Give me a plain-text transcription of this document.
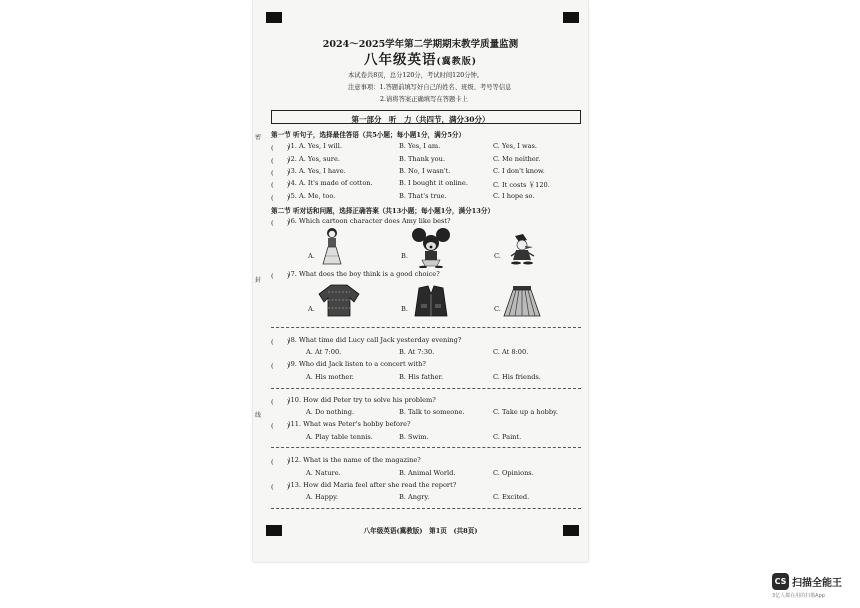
密
封
线
2024～2025学年第二学期期末教学质量监测
八年级英语(冀教版)
本试卷共8页，总分120分，考试时间120分钟。
注意事项：1.答题前填写好自己的姓名、班级、考号等信息
2.请将答案正确填写在答题卡上
第一部分　听　力（共四节，满分30分）
第一节 听句子，选择最佳答语（共5小题；每小题1分，满分5分）
(　　)
)1. A. Yes, I will.	B. Yes, I am.	C. Yes, I was.
(　　)
)2. A. Yes, sure.	B. Thank you.	C. Me neither.
(　　)
)3. A. Yes, I have.	B. No, I wasn't.	C. I don't know.
(　　)
)4. A. It's made of cotton.	B. I bought it online.	C. It costs ￥120.
(　　)
)5. A. Me, too.	B. That's true.	C. I hope so.
第二节 听对话和问题，选择正确答案（共13小题；每小题1分，满分13分）
(　　)
)6. Which cartoon character does Amy like best?
A.	B.	C.
(　　)
)7. What does the boy think is a good choice?
A.	B.	C.
(　　)
)8. What time did Lucy call Jack yesterday evening?
A. At 7:00.	B. At 7:30.	C. At 8:00.
(　　)
)9. Who did Jack listen to a concert with?
A. His mother.	B. His father.	C. His friends.
(　　)
)10. How did Peter try to solve his problem?
A. Do nothing.	B. Talk to someone.	C. Take up a hobby.
(　　)
)11. What was Peter's hobby before?
A. Play table tennis.	B. Swim.	C. Paint.
(　　)
)12. What is the name of the magazine?
A. Nature.	B. Animal World.	C. Opinions.
(　　)
)13. How did Maria feel after she read the report?
A. Happy.	B. Angry.	C. Excited.
八年级英语(冀教版)　第1页　(共8页)
CS 扫描全能王
3亿人都在用的扫描App
